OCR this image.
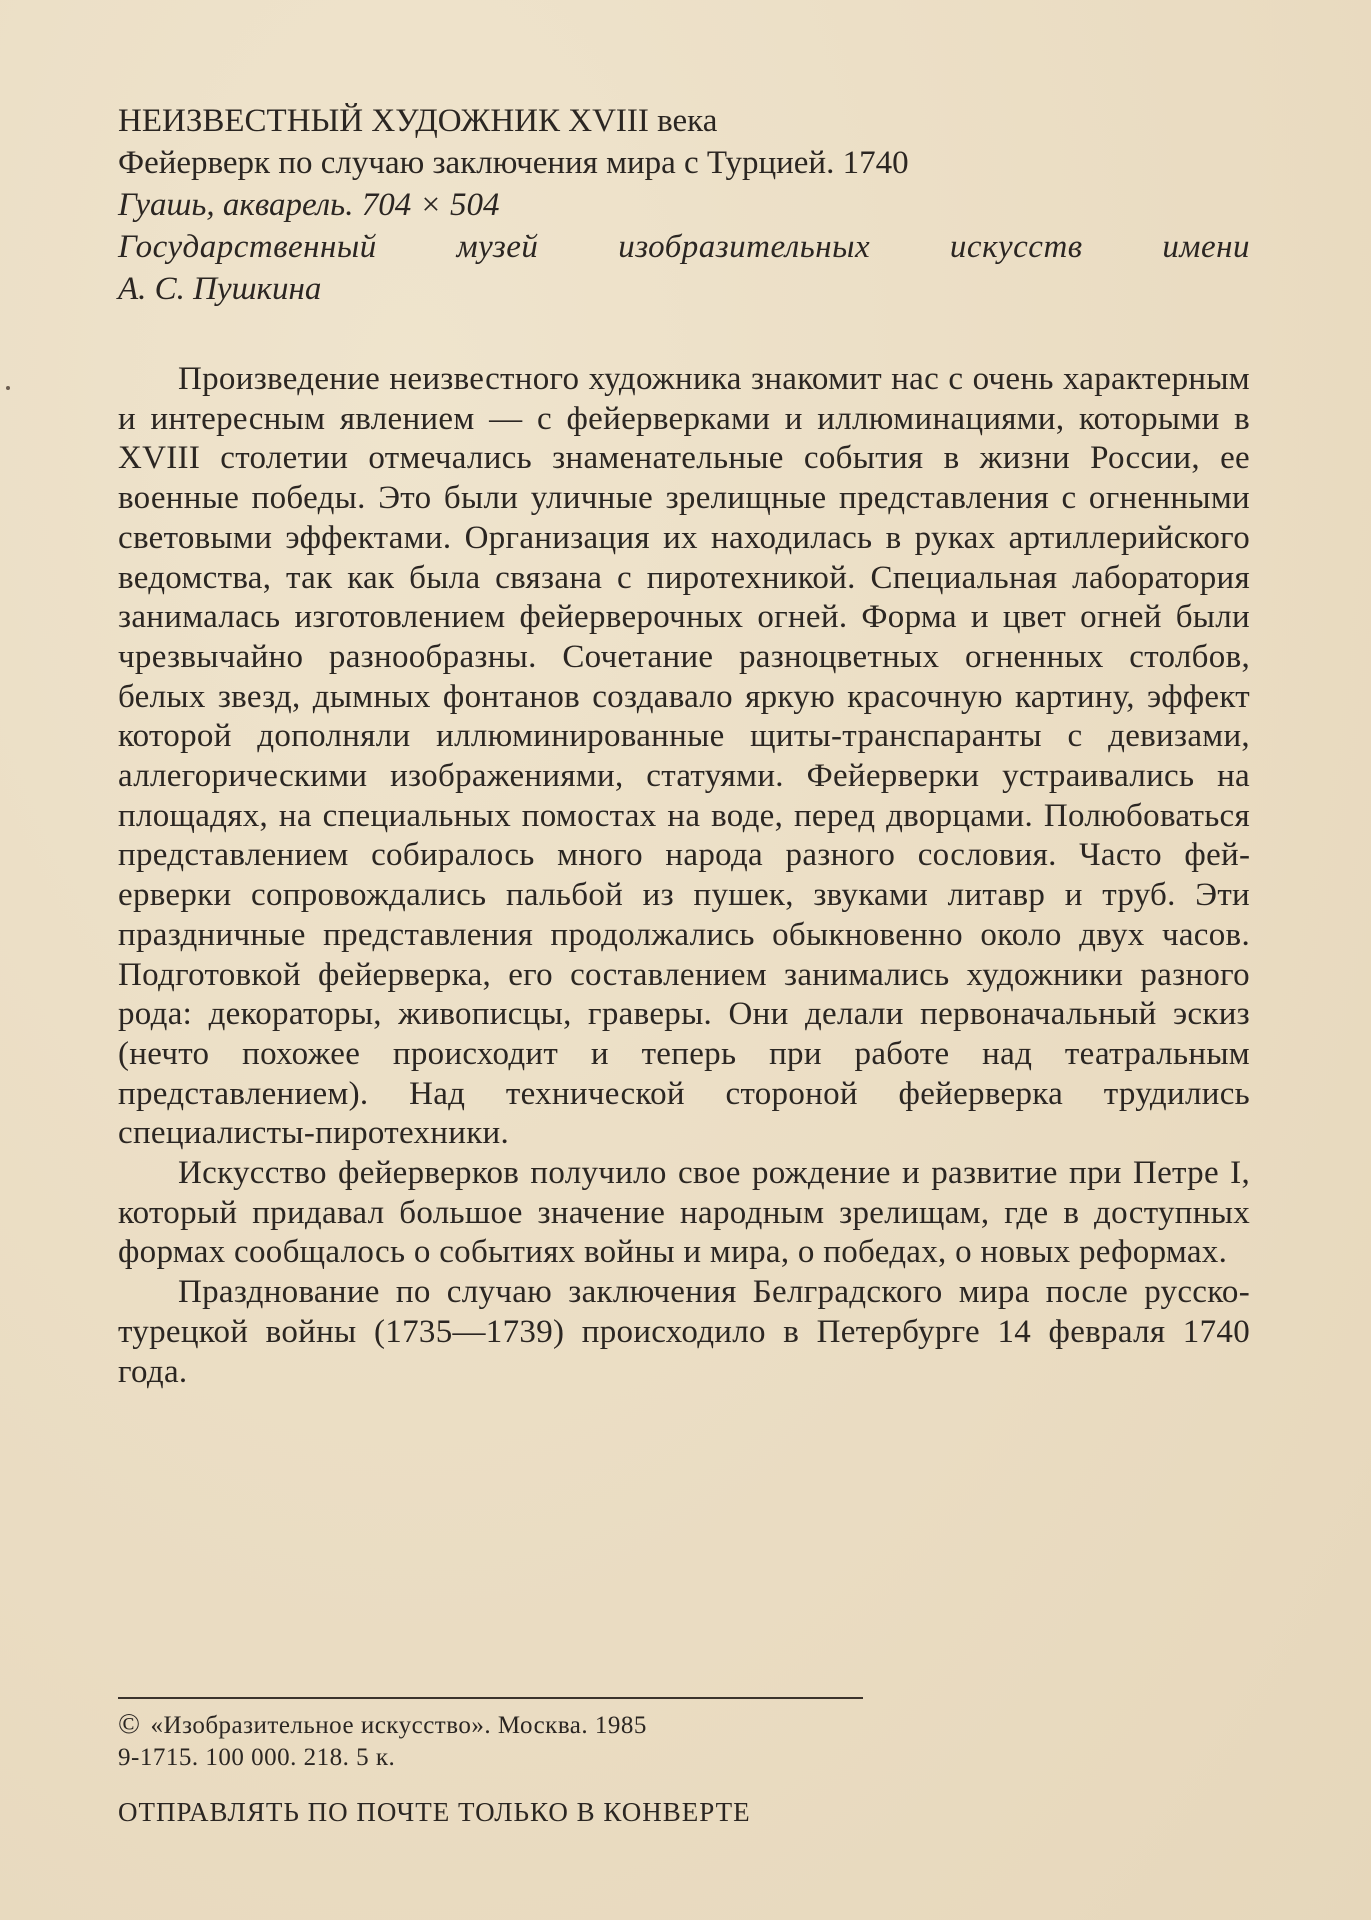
НЕИЗВЕСТНЫЙ ХУДОЖНИК XVIII века
Фейерверк по случаю заключения мира с Турцией. 1740
Гуашь, акварель. 704 × 504
Государственный музей изобразительных искусств имени
А. С. Пушкина

Произведение неизвестного художника знакомит нас с очень характерным и интересным явлением — с фейерверками и иллюминациями, которыми в XVIII столетии отмечались знаменательные события в жизни России, ее военные победы. Это были уличные зрелищные представления с огненными световыми эффектами. Организация их находилась в руках артиллерийского ведомства, так как была связана с пиротехникой. Специальная лаборатория занималась изготовлением фейерверочных огней. Форма и цвет огней были чрезвычайно разнообразны. Сочетание разноцветных огненных столбов, белых звезд, дымных фонтанов создавало яркую красочную картину, эффект которой дополняли иллюминированные щиты-транспаранты с девизами, аллегорическими изображениями, статуями. Фейерверки устраивались на площадях, на специальных помостах на воде, перед дворцами. Полюбоваться представлением собиралось много народа разного сословия. Часто фейерверки сопровождались пальбой из пушек, звуками литавр и труб. Эти праздничные представления продолжались обыкновенно около двух часов. Подготовкой фейерверка, его составлением занимались художники разного рода: декораторы, живописцы, граверы. Они делали первоначальный эскиз (нечто похожее происходит и теперь при работе над театральным представлением). Над технической стороной фейерверка трудились специалисты-пиротехники.

Искусство фейерверков получило свое рождение и развитие при Петре I, который придавал большое значение народным зрелищам, где в доступных формах сообщалось о событиях войны и мира, о победах, о новых реформах.

Празднование по случаю заключения Белградского мира после русско-турецкой войны (1735—1739) происходило в Петербурге 14 февраля 1740 года.

© «Изобразительное искусство». Москва. 1985
9-1715. 100 000. 218. 5 к.
ОТПРАВЛЯТЬ ПО ПОЧТЕ ТОЛЬКО В КОНВЕРТЕ
